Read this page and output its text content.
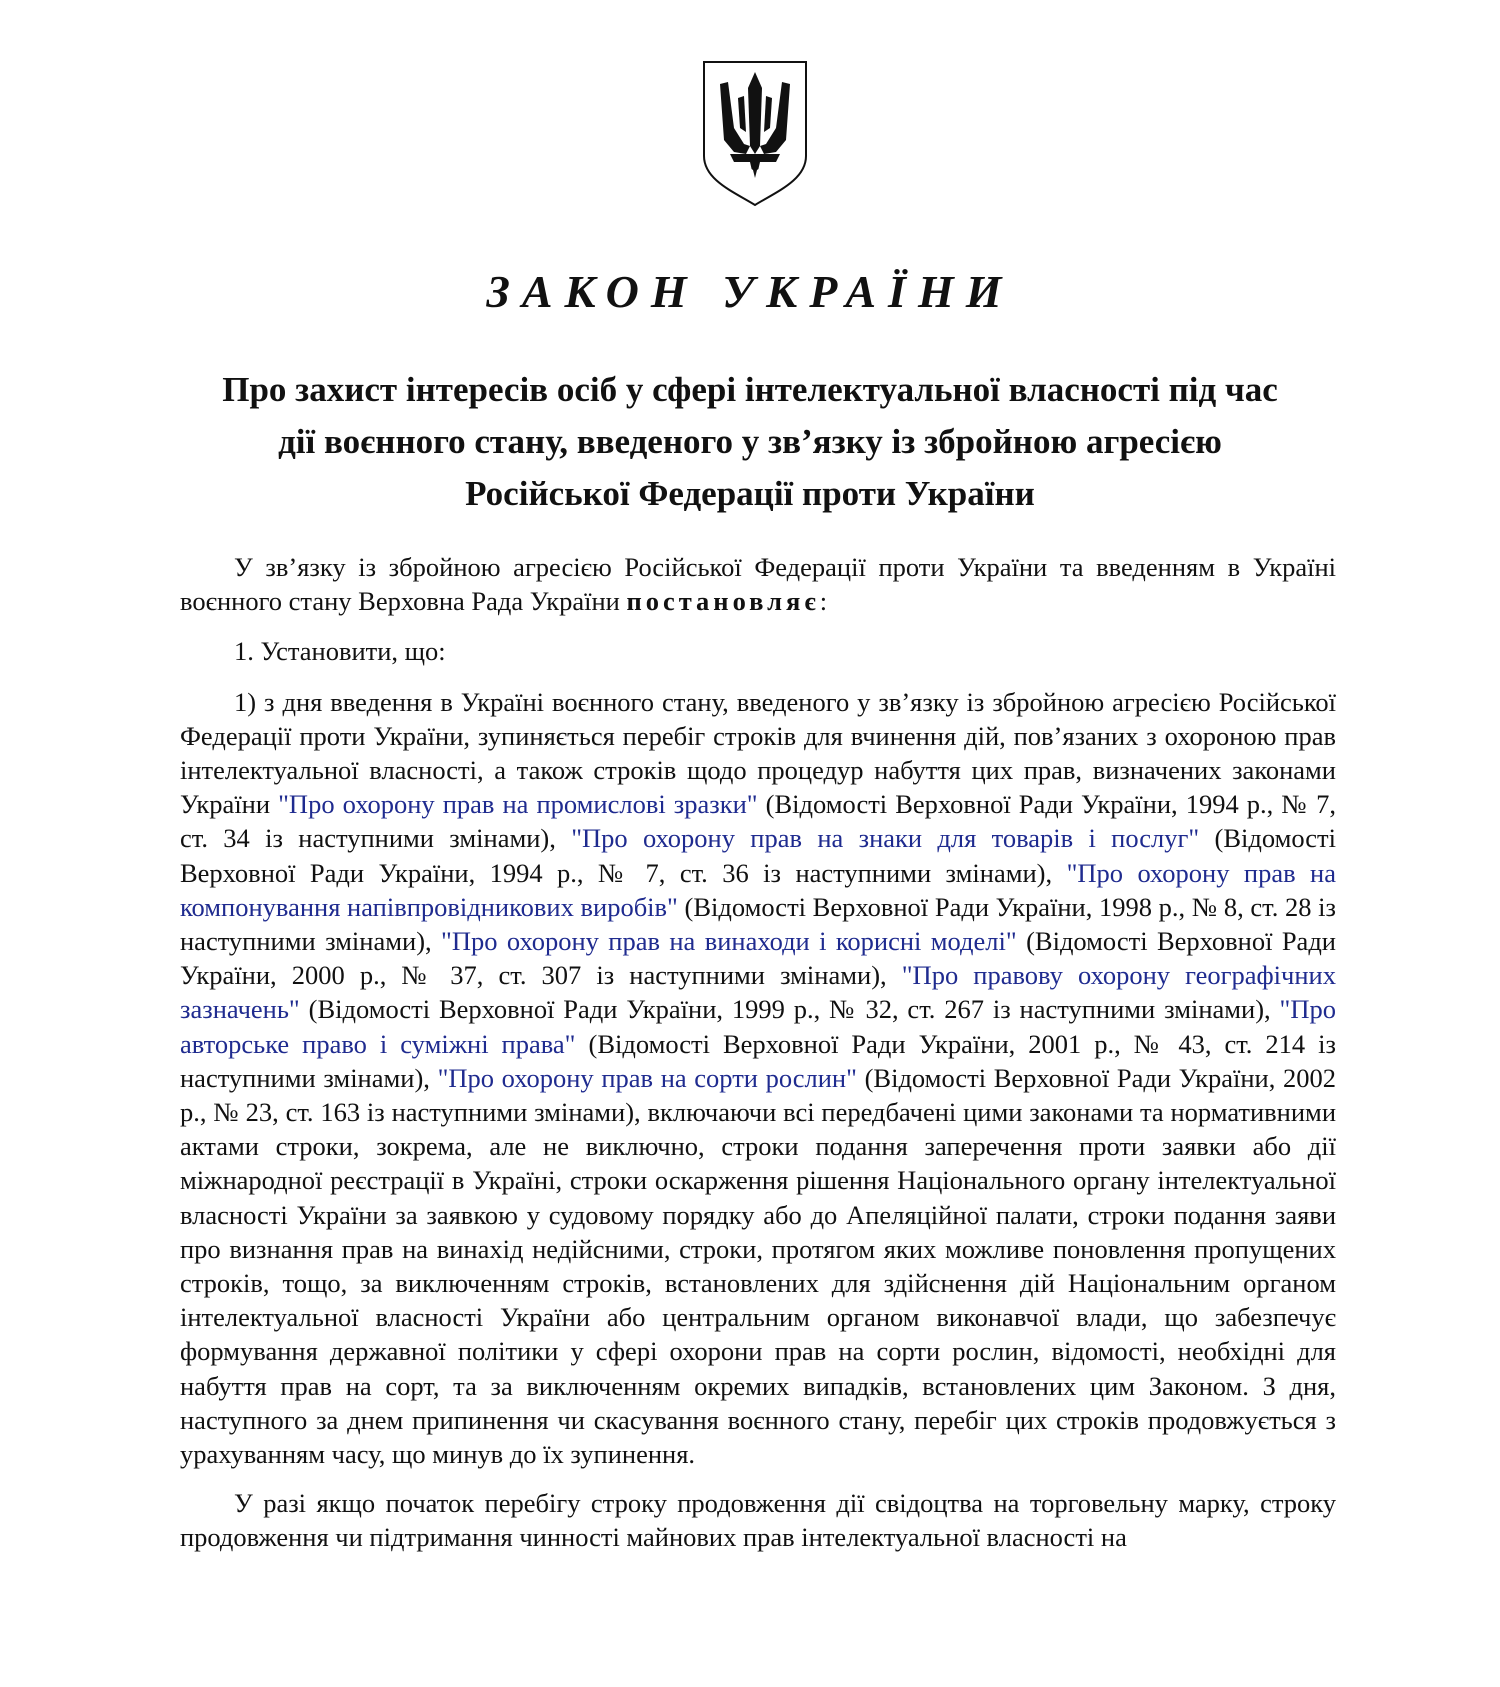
ЗАКОН УКРАЇНИ
Про захист інтересів осіб у сфері інтелектуальної власності під час дії воєнного стану, введеного у зв’язку із збройною агресією Російської Федерації проти України

У зв’язку із збройною агресією Російської Федерації проти України та введенням в Україні воєнного стану Верховна Рада України постановляє:

1. Установити, що:

1) з дня введення в Україні воєнного стану, введеного у зв’язку із збройною агресією Російської Федерації проти України, зупиняється перебіг строків для вчинення дій, пов’язаних з охороною прав інтелектуальної власності, а також строків щодо процедур набуття цих прав, визначених законами України "Про охорону прав на промислові зразки" (Відомості Верховної Ради України, 1994 р., № 7, ст. 34 із наступними змінами), "Про охорону прав на знаки для товарів і послуг" (Відомості Верховної Ради України, 1994 р., № 7, ст. 36 із наступними змінами), "Про охорону прав на компонування напівпровідникових виробів" (Відомості Верховної Ради України, 1998 р., № 8, ст. 28 із наступними змінами), "Про охорону прав на винаходи і корисні моделі" (Відомості Верховної Ради України, 2000 р., № 37, ст. 307 із наступними змінами), "Про правову охорону географічних зазначень" (Відомості Верховної Ради України, 1999 р., № 32, ст. 267 із наступними змінами), "Про авторське право і суміжні права" (Відомості Верховної Ради України, 2001 р., № 43, ст. 214 із наступними змінами), "Про охорону прав на сорти рослин" (Відомості Верховної Ради України, 2002 р., № 23, ст. 163 із наступними змінами), включаючи всі передбачені цими законами та нормативними актами строки, зокрема, але не виключно, строки подання заперечення проти заявки або дії міжнародної реєстрації в Україні, строки оскарження рішення Національного органу інтелектуальної власності України за заявкою у судовому порядку або до Апеляційної палати, строки подання заяви про визнання прав на винахід недійсними, строки, протягом яких можливе поновлення пропущених строків, тощо, за виключенням строків, встановлених для здійснення дій Національним органом інтелектуальної власності України або центральним органом виконавчої влади, що забезпечує формування державної політики у сфері охорони прав на сорти рослин, відомості, необхідні для набуття прав на сорт, та за виключенням окремих випадків, встановлених цим Законом. З дня, наступного за днем припинення чи скасування воєнного стану, перебіг цих строків продовжується з урахуванням часу, що минув до їх зупинення.

У разі якщо початок перебігу строку продовження дії свідоцтва на торговельну марку, строку продовження чи підтримання чинності майнових прав інтелектуальної власності на
